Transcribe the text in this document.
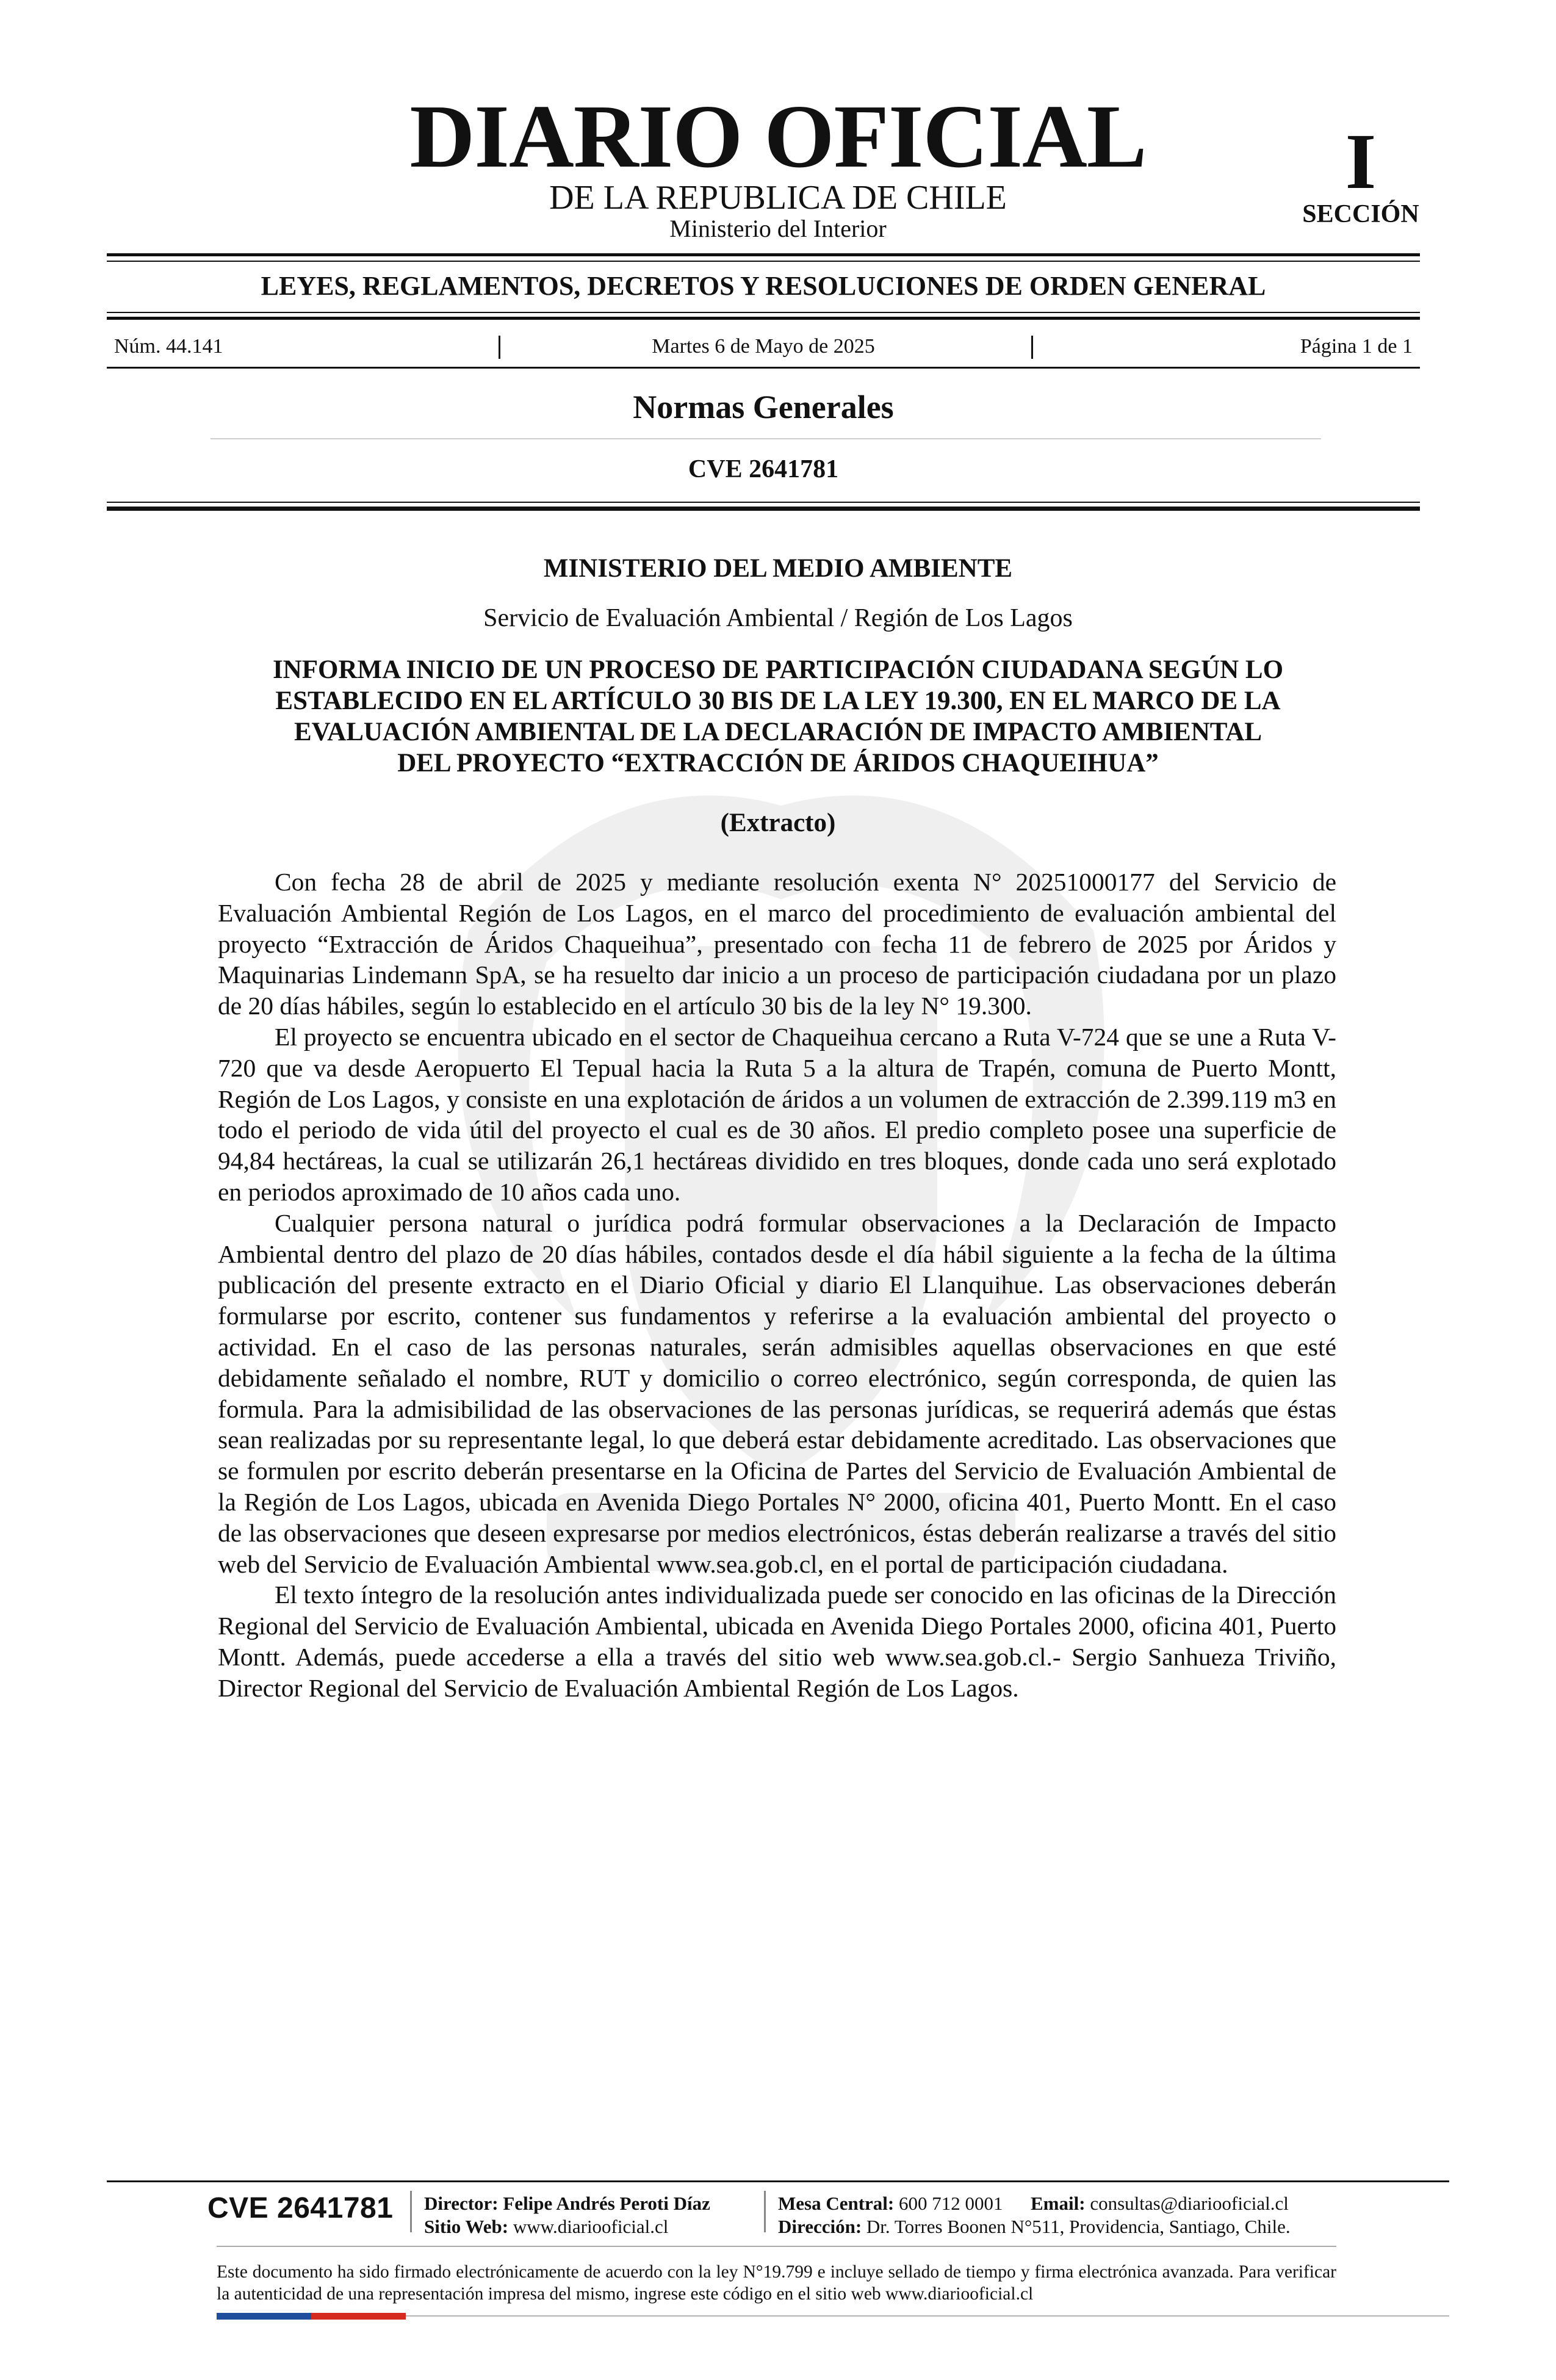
DIARIO OFICIAL
DE LA REPUBLICA DE CHILE
Ministerio del Interior
I
SECCIÓN
LEYES, REGLAMENTOS, DECRETOS Y RESOLUCIONES DE ORDEN GENERAL
Núm. 44.141	Martes 6 de Mayo de 2025	Página 1 de 1
Normas Generales
CVE 2641781
MINISTERIO DEL MEDIO AMBIENTE
Servicio de Evaluación Ambiental / Región de Los Lagos
INFORMA INICIO DE UN PROCESO DE PARTICIPACIÓN CIUDADANA SEGÚN LO
ESTABLECIDO EN EL ARTÍCULO 30 BIS DE LA LEY 19.300, EN EL MARCO DE LA
EVALUACIÓN AMBIENTAL DE LA DECLARACIÓN DE IMPACTO AMBIENTAL
DEL PROYECTO “EXTRACCIÓN DE ÁRIDOS CHAQUEIHUA”
(Extracto)

Con fecha 28 de abril de 2025 y mediante resolución exenta N° 20251000177 del Servicio de Evaluación Ambiental Región de Los Lagos, en el marco del procedimiento de evaluación ambiental del proyecto “Extracción de Áridos Chaqueihua”, presentado con fecha 11 de febrero de 2025 por Áridos y Maquinarias Lindemann SpA, se ha resuelto dar inicio a un proceso de participación ciudadana por un plazo de 20 días hábiles, según lo establecido en el artículo 30 bis de la ley N° 19.300.

El proyecto se encuentra ubicado en el sector de Chaqueihua cercano a Ruta V-724 que se une a Ruta V-720 que va desde Aeropuerto El Tepual hacia la Ruta 5 a la altura de Trapén, comuna de Puerto Montt, Región de Los Lagos, y consiste en una explotación de áridos a un volumen de extracción de 2.399.119 m3 en todo el periodo de vida útil del proyecto el cual es de 30 años. El predio completo posee una superficie de 94,84 hectáreas, la cual se utilizarán 26,1 hectáreas dividido en tres bloques, donde cada uno será explotado en periodos aproximado de 10 años cada uno.

Cualquier persona natural o jurídica podrá formular observaciones a la Declaración de Impacto Ambiental dentro del plazo de 20 días hábiles, contados desde el día hábil siguiente a la fecha de la última publicación del presente extracto en el Diario Oficial y diario El Llanquihue. Las observaciones deberán formularse por escrito, contener sus fundamentos y referirse a la evaluación ambiental del proyecto o actividad. En el caso de las personas naturales, serán admisibles aquellas observaciones en que esté debidamente señalado el nombre, RUT y domicilio o correo electrónico, según corresponda, de quien las formula. Para la admisibilidad de las observaciones de las personas jurídicas, se requerirá además que éstas sean realizadas por su representante legal, lo que deberá estar debidamente acreditado. Las observaciones que se formulen por escrito deberán presentarse en la Oficina de Partes del Servicio de Evaluación Ambiental de la Región de Los Lagos, ubicada en Avenida Diego Portales N° 2000, oficina 401, Puerto Montt. En el caso de las observaciones que deseen expresarse por medios electrónicos, éstas deberán realizarse a través del sitio web del Servicio de Evaluación Ambiental www.sea.gob.cl, en el portal de participación ciudadana.

El texto íntegro de la resolución antes individualizada puede ser conocido en las oficinas de la Dirección Regional del Servicio de Evaluación Ambiental, ubicada en Avenida Diego Portales 2000, oficina 401, Puerto Montt. Además, puede accederse a ella a través del sitio web www.sea.gob.cl.- Sergio Sanhueza Triviño, Director Regional del Servicio de Evaluación Ambiental Región de Los Lagos.

CVE 2641781 Director: Felipe Andrés Peroti Díaz
Sitio Web: www.diariooficial.cl
Mesa Central: 600 712 0001 Email: consultas@diariooficial.cl
Dirección: Dr. Torres Boonen N°511, Providencia, Santiago, Chile.
Este documento ha sido firmado electrónicamente de acuerdo con la ley N°19.799 e incluye sellado de tiempo y firma electrónica avanzada. Para verificar la autenticidad de una representación impresa del mismo, ingrese este código en el sitio web www.diariooficial.cl
